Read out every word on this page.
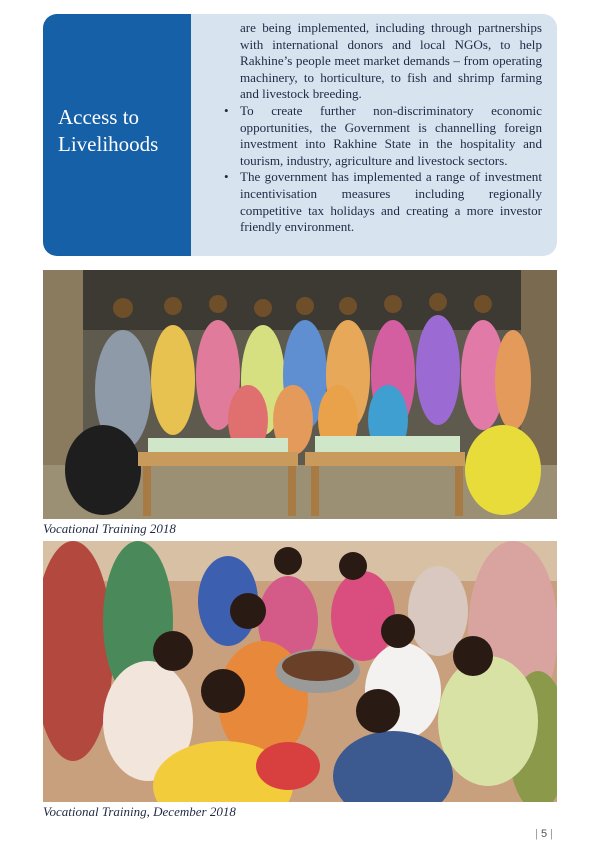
Access to
Livelihoods

are being implemented, including through partnerships with international donors and local NGOs, to help Rakhine’s people meet market demands – from operating machinery, to horticulture, to fish and shrimp farming and livestock breeding.

• To create further non-discriminatory economic opportunities, the Government is channelling foreign investment into Rakhine State in the hospitality and tourism, industry, agriculture and livestock sectors.
• The government has implemented a range of investment incentivisation measures including regionally competitive tax holidays and creating a more investor friendly environment.
Vocational Training 2018
Vocational Training, December 2018
| 5 |
